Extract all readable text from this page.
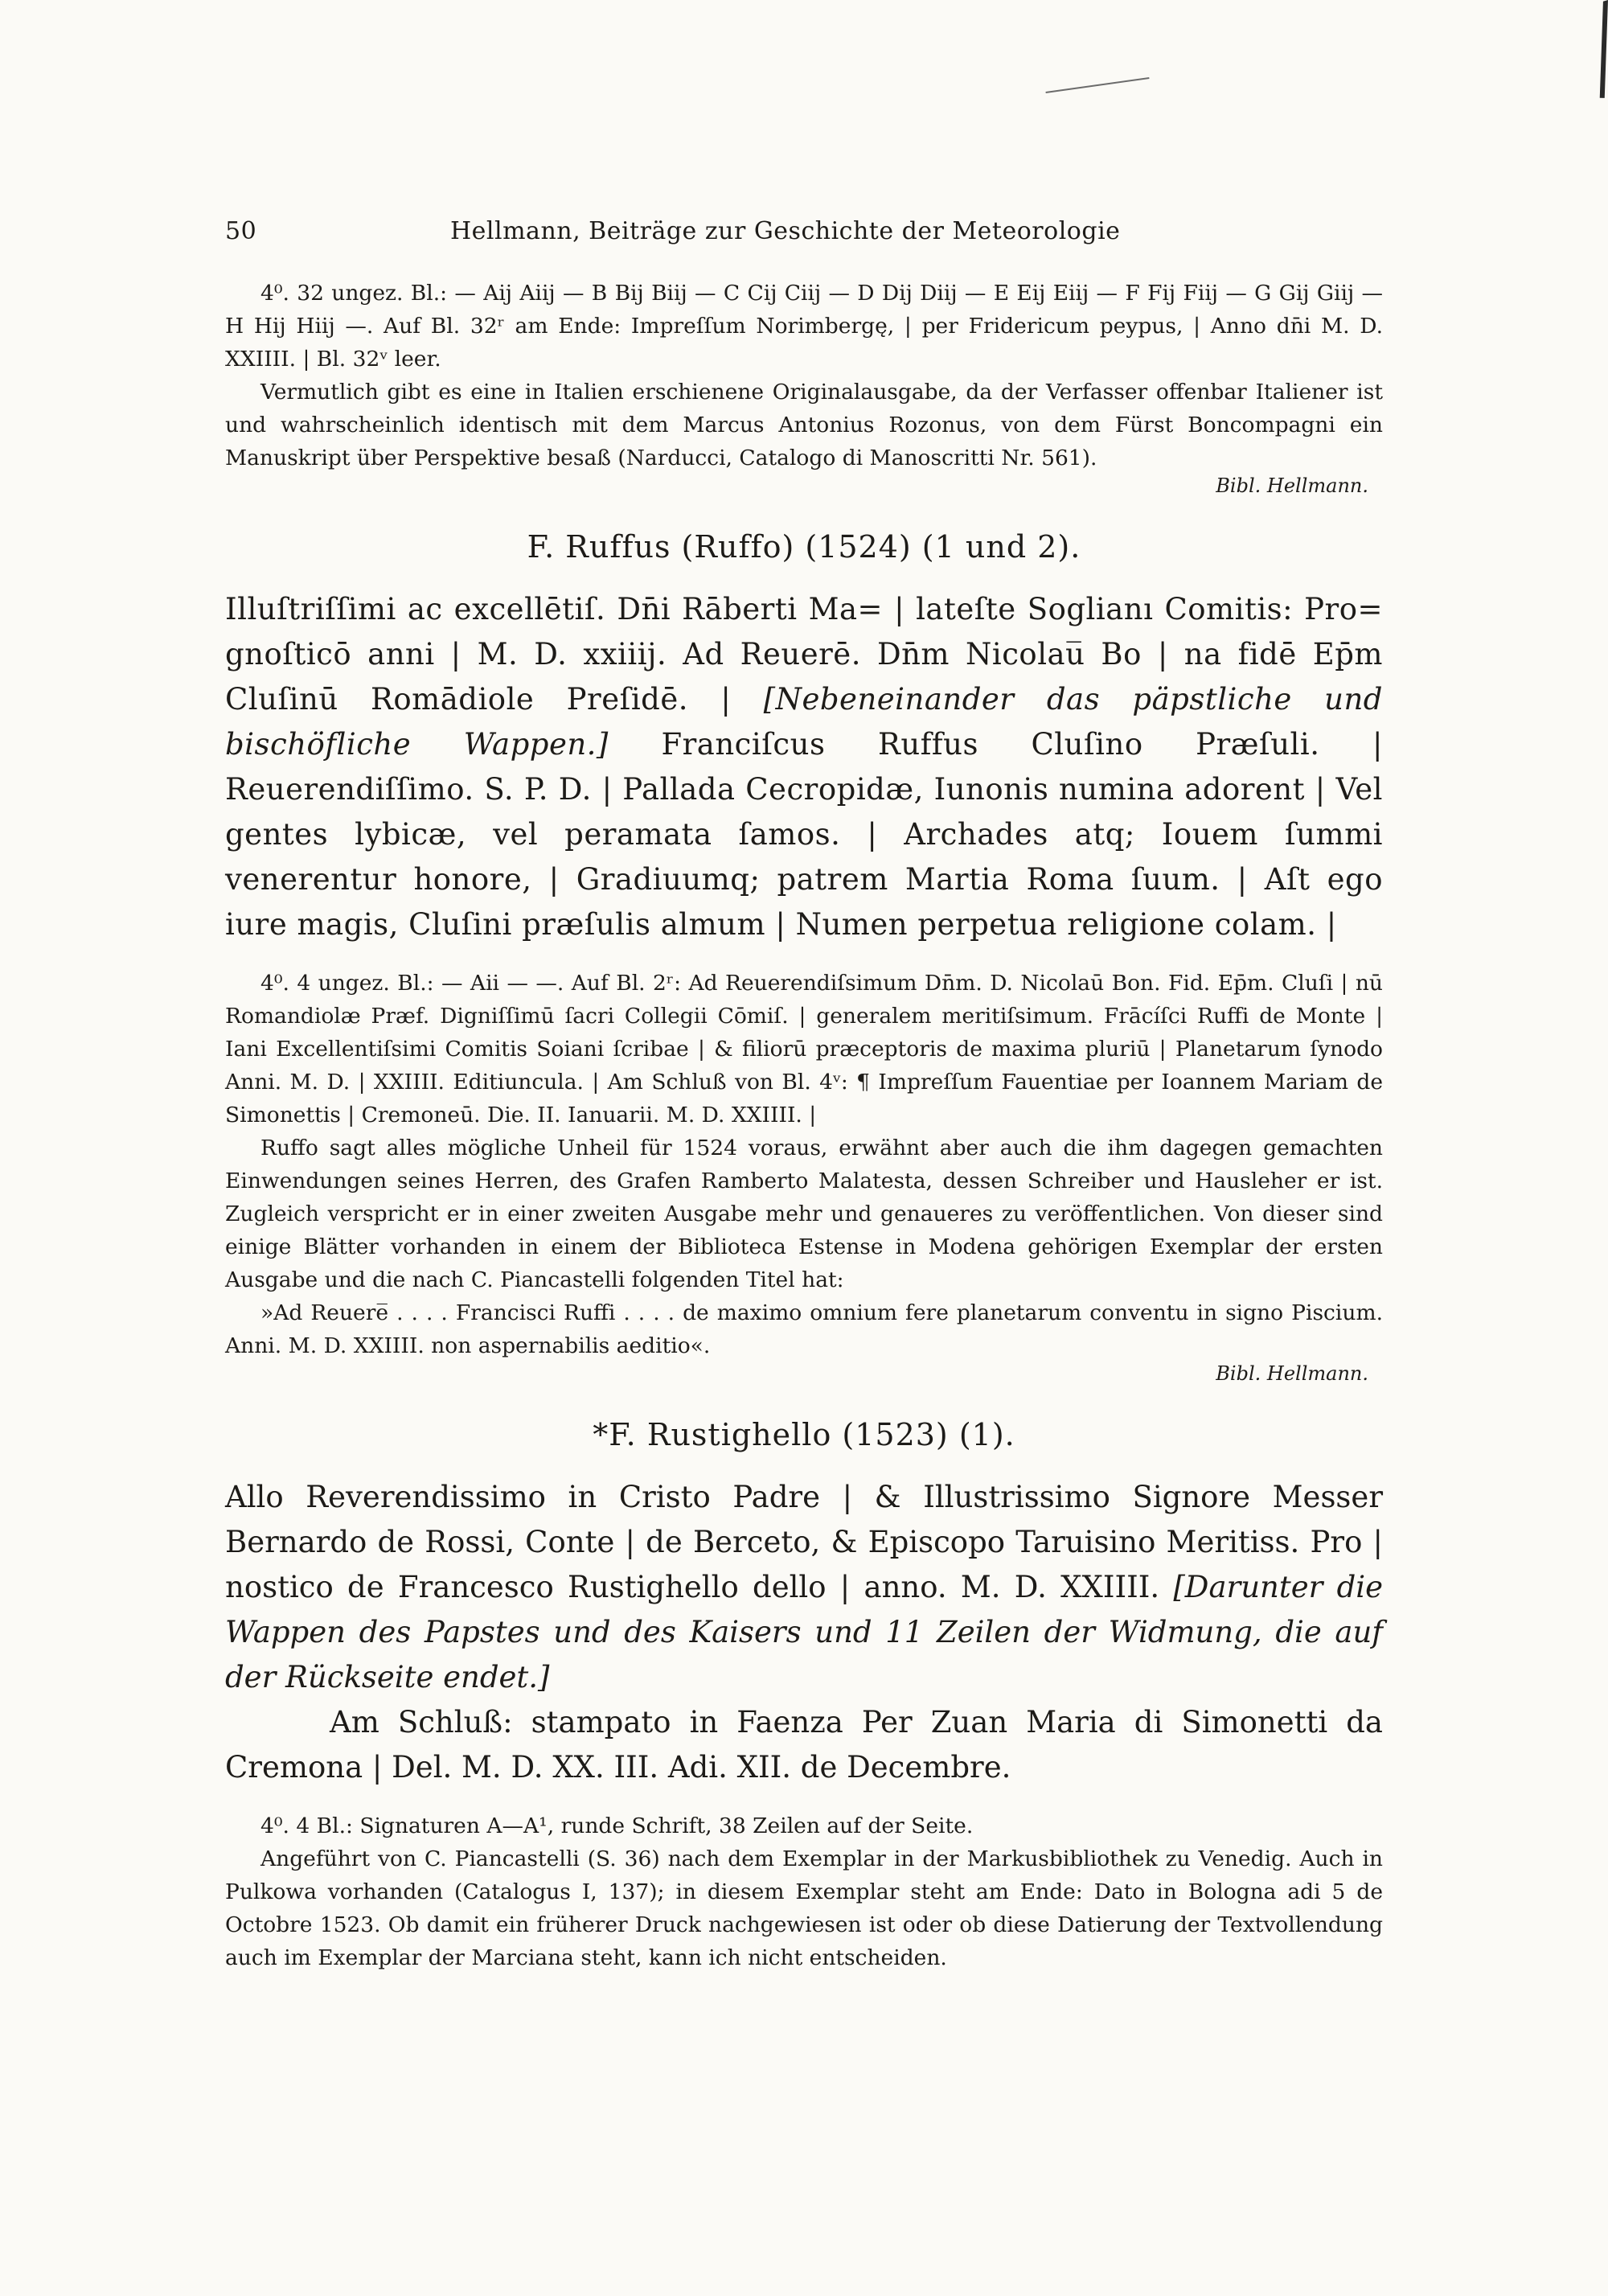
50	Hellmann, Beiträge zur Geschichte der Meteorologie

4⁰. 32 ungez. Bl.: — Aij Aiij — B Bij Biij — C Cij Ciij — D Dij Diij — E Eij Eiij — F Fij Fiij — G Gij Giij — H Hij Hiij —. Auf Bl. 32ʳ am Ende: Impreſſum Norimbergę, | per Fridericum peypus, | Anno dn̄i M. D. XXIIII. | Bl. 32ᵛ leer.

Vermutlich gibt es eine in Italien erschienene Originalausgabe, da der Verfasser offenbar Italiener ist und wahrscheinlich identisch mit dem Marcus Antonius Rozonus, von dem Fürst Boncompagni ein Manuskript über Perspektive besaß (Narducci, Catalogo di Manoscritti Nr. 561).

Bibl. Hellmann.

F. Ruffus (Ruffo) (1524) (1 und 2).

Illuſtriſſimi ac excellētiſ. Dn̄i Rāberti Ma= | lateſte Soglianı Comitis: Pro= gnoſticō anni | M. D. xxiiij. Ad Reuerē. Dn̄m Nicolau̅ Bo | na fidē Ep̄m Cluſinū Romādiole Preſidē. | [Nebeneinander das päpstliche und bischöfliche Wappen.] Franciſcus Ruffus Cluſino Præſuli. | Reuerendiſſimo. S. P. D. | Pallada Cecropidæ, Iunonis numina adorent | Vel gentes lybicæ, vel peramata ſamos. | Archades atq; Iouem ſummi venerentur honore, | Gradiuumq; patrem Martia Roma ſuum. | Aſt ego iure magis, Cluſini præſulis almum | Numen perpetua religione colam. |

4⁰. 4 ungez. Bl.: — Aii — —. Auf Bl. 2ʳ: Ad Reuerendiſsimum Dn̄m. D. Nicolaū Bon. Fid. Ep̄m. Cluſi | nū Romandiolæ Præf. Digniſſimū ſacri Collegii Cōmiſ. | generalem meritiſsimum. Frācíſci Ruffi de Monte | Iani Excellentiſsimi Comitis Soiani ſcribae | & filiorū præceptoris de maxima pluriū | Planetarum ſynodo Anni. M. D. | XXIIII. Editiuncula. | Am Schluß von Bl. 4ᵛ: ¶ Impreſſum Fauentiae per Ioannem Mariam de Simonettis | Cremoneū. Die. II. Ianuarii. M. D. XXIIII. |

Ruffo sagt alles mögliche Unheil für 1524 voraus, erwähnt aber auch die ihm dagegen gemachten Einwendungen seines Herren, des Grafen Ramberto Malatesta, dessen Schreiber und Hausleher er ist. Zugleich verspricht er in einer zweiten Ausgabe mehr und genaueres zu veröffentlichen. Von dieser sind einige Blätter vorhanden in einem der Biblioteca Estense in Modena gehörigen Exemplar der ersten Ausgabe und die nach C. Piancastelli folgenden Titel hat:

»Ad Reuere̅ . . . . Francisci Ruffi . . . . de maximo omnium fere planetarum conventu in signo Piscium. Anni. M. D. XXIIII. non aspernabilis aeditio«.

Bibl. Hellmann.

*F. Rustighello (1523) (1).

Allo Reverendissimo in Cristo Padre | & Illustrissimo Signore Messer Bernardo de Rossi, Conte | de Berceto, & Episcopo Taruisino Meritiss. Pro | nostico de Francesco Rustighello dello | anno. M. D. XXIIII. [Darunter die Wappen des Papstes und des Kaisers und 11 Zeilen der Widmung, die auf der Rückseite endet.]

Am Schluß: stampato in Faenza Per Zuan Maria di Simonetti da Cremona | Del. M. D. XX. III. Adi. XII. de Decembre.

4⁰. 4 Bl.: Signaturen A—A¹, runde Schrift, 38 Zeilen auf der Seite.

Angeführt von C. Piancastelli (S. 36) nach dem Exemplar in der Markusbibliothek zu Venedig. Auch in Pulkowa vorhanden (Catalogus I, 137); in diesem Exemplar steht am Ende: Dato in Bologna adi 5 de Octobre 1523. Ob damit ein früherer Druck nachgewiesen ist oder ob diese Datierung der Textvollendung auch im Exemplar der Marciana steht, kann ich nicht entscheiden.
